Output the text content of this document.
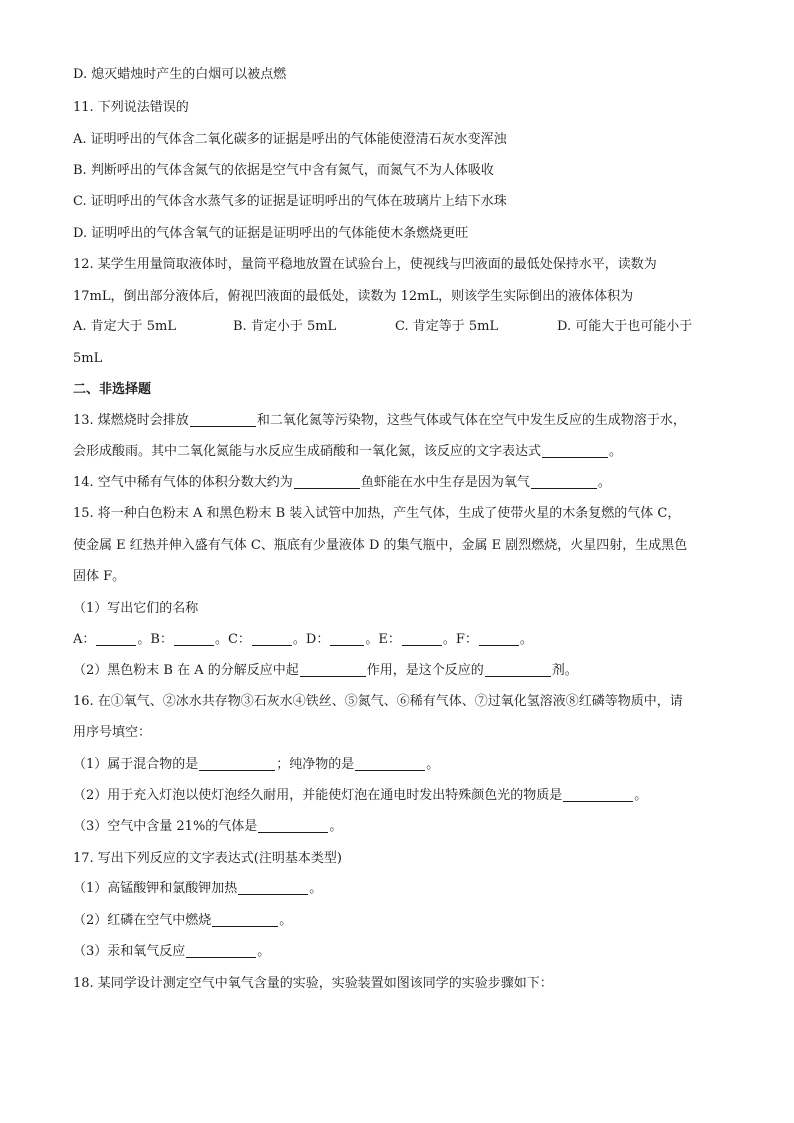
D. 熄灭蜡烛时产生的白烟可以被点燃
11. 下列说法错误的
A. 证明呼出的气体含二氧化碳多的证据是呼出的气体能使澄清石灰水变浑浊
B. 判断呼出的气体含氮气的依据是空气中含有氮气，而氮气不为人体吸收
C. 证明呼出的气体含水蒸气多的证据是证明呼出的气体在玻璃片上结下水珠
D. 证明呼出的气体含氧气的证据是证明呼出的气体能使木条燃烧更旺
12. 某学生用量筒取液体时，量筒平稳地放置在试验台上，使视线与凹液面的最低处保持水平，读数为
17mL，倒出部分液体后，俯视凹液面的最低处，读数为 12mL，则该学生实际倒出的液体体积为
A. 肯定大于 5mL	B. 肯定小于 5mL	C. 肯定等于 5mL	D. 可能大于也可能小于
5mL
二、非选择题
13. 煤燃烧时会排放	和二氧化氮等污染物，这些气体或气体在空气中发生反应的生成物溶于水，
会形成酸雨。其中二氧化氮能与水反应生成硝酸和一氧化氮，该反应的文字表达式	。
14. 空气中稀有气体的体积分数大约为	鱼虾能在水中生存是因为氧气	。
15. 将一种白色粉末 A 和黑色粉末 B 装入试管中加热，产生气体，生成了使带火星的木条复燃的气体 C，
使金属 E 红热并伸入盛有气体 C、瓶底有少量液体 D 的集气瓶中，金属 E 剧烈燃烧，火星四射，生成黑色
固体 F。
（1）写出它们的名称
A：	。B：	。C：	。D：	。E：	。F：	。
（2）黑色粉末 B 在 A 的分解反应中起	作用，是这个反应的	剂。
16. 在①氧气、②冰水共存物③石灰水④铁丝、⑤氮气、⑥稀有气体、⑦过氧化氢溶液⑧红磷等物质中，请
用序号填空：
（1）属于混合物的是	；纯净物的是	。
（2）用于充入灯泡以使灯泡经久耐用，并能使灯泡在通电时发出特殊颜色光的物质是	。
（3）空气中含量 21%的气体是	。
17. 写出下列反应的文字表达式(注明基本类型)
（1）高锰酸钾和氯酸钾加热	。
（2）红磷在空气中燃烧	。
（3）汞和氧气反应	。
18. 某同学设计测定空气中氧气含量的实验，实验装置如图该同学的实验步骤如下：
